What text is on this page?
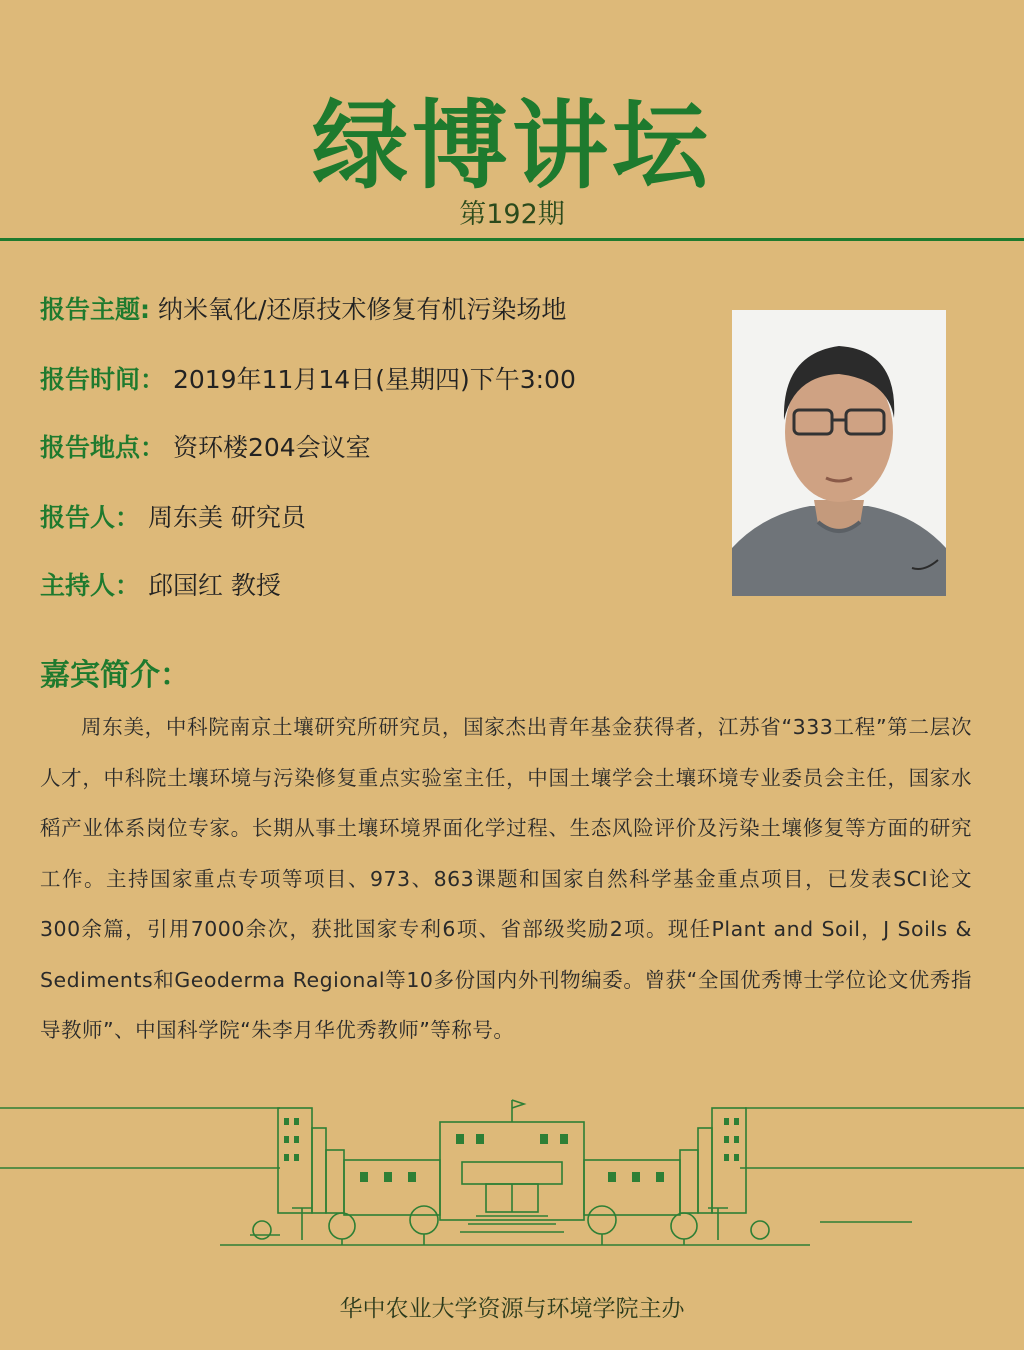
绿博讲坛
第192期
报告主题: 纳米氧化/还原技术修复有机污染场地
报告时间： 2019年11月14日(星期四)下午3:00
报告地点： 资环楼204会议室
报告人： 周东美 研究员
主持人： 邱国红 教授
嘉宾简介：
周东美，中科院南京土壤研究所研究员，国家杰出青年基金获得者，江苏省“333工程”第二层次人才，中科院土壤环境与污染修复重点实验室主任，中国土壤学会土壤环境专业委员会主任，国家水稻产业体系岗位专家。长期从事土壤环境界面化学过程、生态风险评价及污染土壤修复等方面的研究工作。主持国家重点专项等项目、973、863课题和国家自然科学基金重点项目，已发表SCI论文300余篇，引用7000余次，获批国家专利6项、省部级奖励2项。现任Plant and Soil，J Soils & Sediments和Geoderma Regional等10多份国内外刊物编委。曾获“全国优秀博士学位论文优秀指导教师”、中国科学院“朱李月华优秀教师”等称号。
华中农业大学资源与环境学院主办
